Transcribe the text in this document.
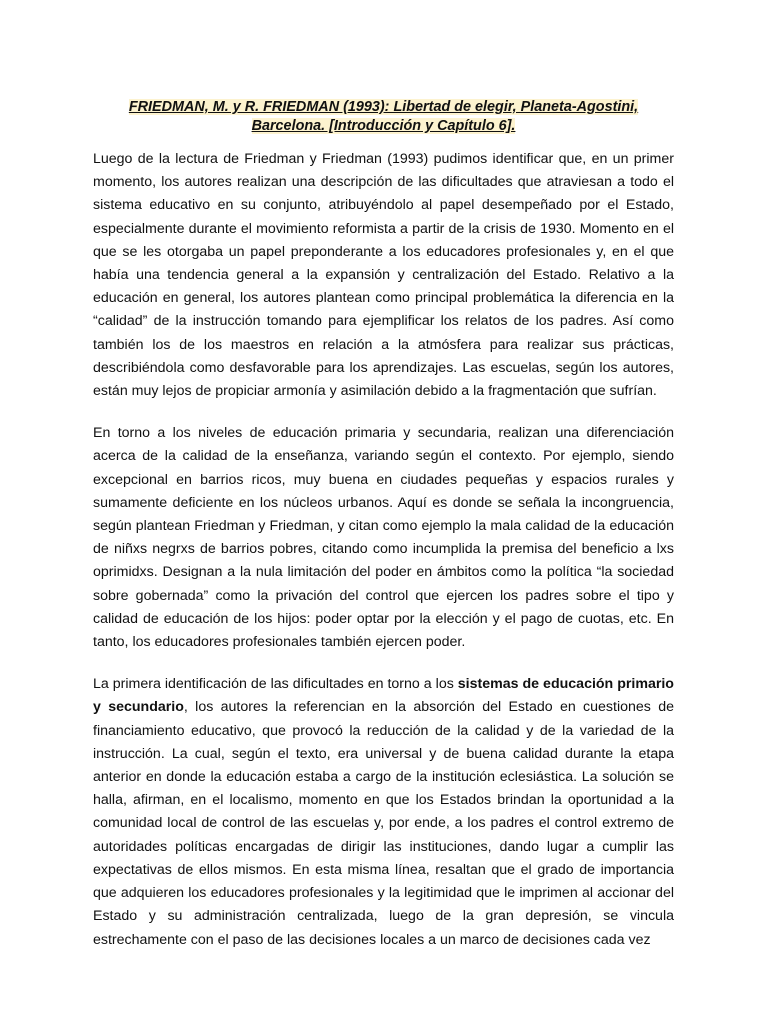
FRIEDMAN, M. y R. FRIEDMAN (1993): Libertad de elegir, Planeta-Agostini,
Barcelona. [Introducción y Capítulo 6].

Luego de la lectura de Friedman y Friedman (1993) pudimos identificar que, en un primer momento, los autores realizan una descripción de las dificultades que atraviesan a todo el sistema educativo en su conjunto, atribuyéndolo al papel desempeñado por el Estado, especialmente durante el movimiento reformista a partir de la crisis de 1930. Momento en el que se les otorgaba un papel preponderante a los educadores profesionales y, en el que había una tendencia general a la expansión y centralización del Estado. Relativo a la educación en general, los autores plantean como principal problemática la diferencia en la “calidad” de la instrucción tomando para ejemplificar los relatos de los padres. Así como también los de los maestros en relación a la atmósfera para realizar sus prácticas, describiéndola como desfavorable para los aprendizajes. Las escuelas, según los autores, están muy lejos de propiciar armonía y asimilación debido a la fragmentación que sufrían.

En torno a los niveles de educación primaria y secundaria, realizan una diferenciación acerca de la calidad de la enseñanza, variando según el contexto. Por ejemplo, siendo excepcional en barrios ricos, muy buena en ciudades pequeñas y espacios rurales y sumamente deficiente en los núcleos urbanos. Aquí es donde se señala la incongruencia, según plantean Friedman y Friedman, y citan como ejemplo la mala calidad de la educación de niñxs negrxs de barrios pobres, citando como incumplida la premisa del beneficio a lxs oprimidxs. Designan a la nula limitación del poder en ámbitos como la política “la sociedad sobre gobernada” como la privación del control que ejercen los padres sobre el tipo y calidad de educación de los hijos: poder optar por la elección y el pago de cuotas, etc. En tanto, los educadores profesionales también ejercen poder.

La primera identificación de las dificultades en torno a los sistemas de educación primario y secundario, los autores la referencian en la absorción del Estado en cuestiones de financiamiento educativo, que provocó la reducción de la calidad y de la variedad de la instrucción. La cual, según el texto, era universal y de buena calidad durante la etapa anterior en donde la educación estaba a cargo de la institución eclesiástica. La solución se halla, afirman, en el localismo, momento en que los Estados brindan la oportunidad a la comunidad local de control de las escuelas y, por ende, a los padres el control extremo de autoridades políticas encargadas de dirigir las instituciones, dando lugar a cumplir las expectativas de ellos mismos. En esta misma línea, resaltan que el grado de importancia que adquieren los educadores profesionales y la legitimidad que le imprimen al accionar del Estado y su administración centralizada, luego de la gran depresión, se vincula estrechamente con el paso de las decisiones locales a un marco de decisiones cada vez
